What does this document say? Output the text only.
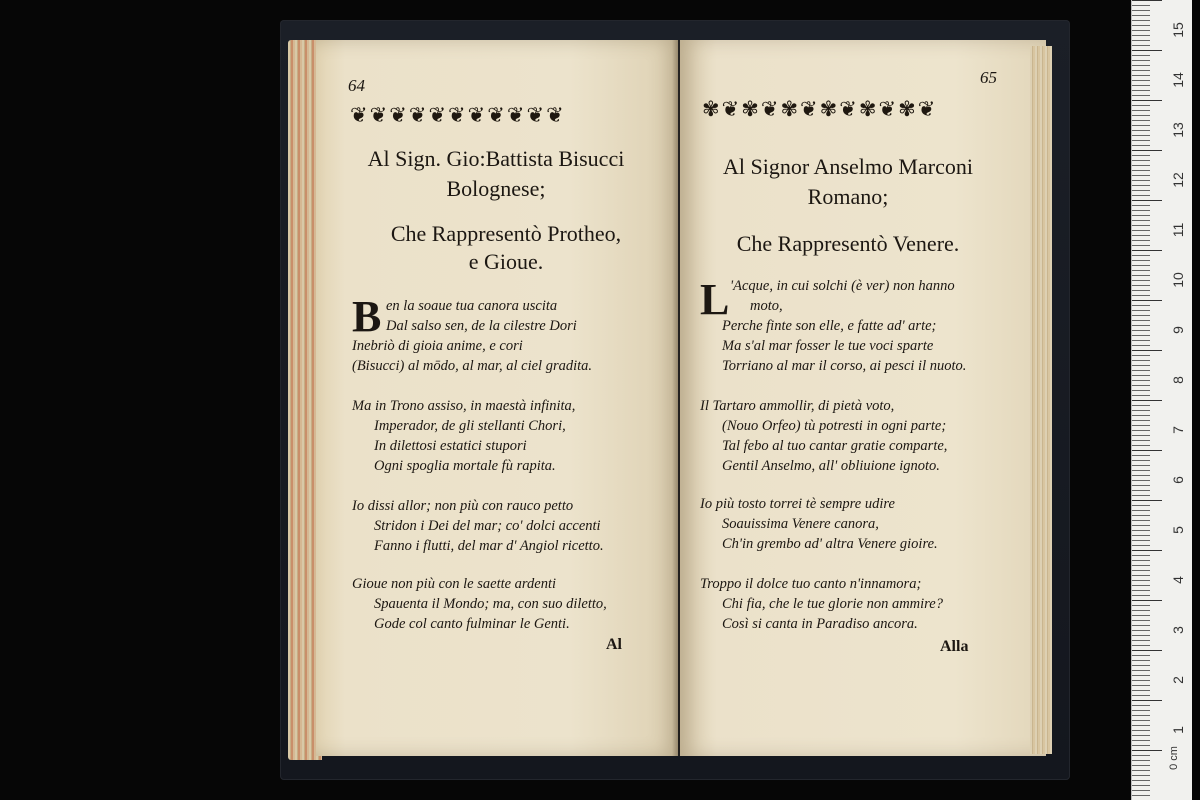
64
❦ ❦ ❦ ❦ ❦ ❦ ❦ ❦ ❦ ❦ ❦
Al Sign. Gio:Battista Bisucci
Bolognese;
Che Rappresentò Protheo,
e Gioue.
B en la soaue tua canora uscita
Dal salso sen, de la cilestre Dori
Inebriò di gioia anime, e cori
(Bisucci) al mōdo, al mar, al ciel gradita.
Ma in Trono assiso, in maestà infinita,
Imperador, de gli stellanti Chori,
In dilettosi estatici stupori
Ogni spoglia mortale fù rapita.
Io dissi allor; non più con rauco petto
Stridon i Dei del mar; co' dolci accenti
Fanno i flutti, del mar d' Angiol ricetto.
Gioue non più con le saette ardenti
Spauenta il Mondo; ma, con suo diletto,
Gode col canto fulminar le Genti.
Al
65
✾ ❦ ✾ ❦ ✾ ❦ ✾ ❦ ✾ ❦ ✾ ❦
Al Signor Anselmo Marconi
Romano;
Che Rappresentò Venere.
L 'Acque, in cui solchi (è ver) non hanno
moto,
Perche finte son elle, e fatte ad' arte;
Ma s'al mar fosser le tue voci sparte
Torriano al mar il corso, ai pesci il nuoto.
Il Tartaro ammollir, di pietà voto,
(Nouo Orfeo) tù potresti in ogni parte;
Tal febo al tuo cantar gratie comparte,
Gentil Anselmo, all' obliuione ignoto.
Io più tosto torrei tè sempre udire
Soauissima Venere canora,
Ch'in grembo ad' altra Venere gioire.
Troppo il dolce tuo canto n'innamora;
Chi fia, che le tue glorie non ammire?
Così si canta in Paradiso ancora.
Alla
15
14
13
12
11
10
9
8
7
6
5
4
3
2
1
0 cm
